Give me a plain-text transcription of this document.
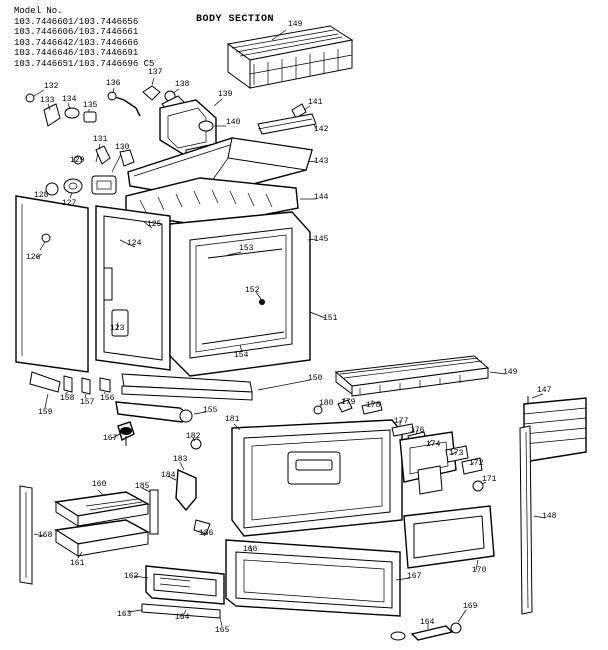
Model No.
103.7446601/103.7446656
103.7446606/103.7446661
103.7446642/103.7446666
103.7446646/103.7446691
103.7446651/103.7446696 C5
BODY SECTION 149
132	136
137
138
139
133 134
135	141
140
142
131
130
143
129
144
128
127
125
145
153
124
126
152
151
123
154
150
149
147
158 157 156
155
159
181
180 179 178
177
176
174
173
172
171
167	182
183
184
185
160
148
186
161
168
166
162	167
170
163	164
165
169
164
